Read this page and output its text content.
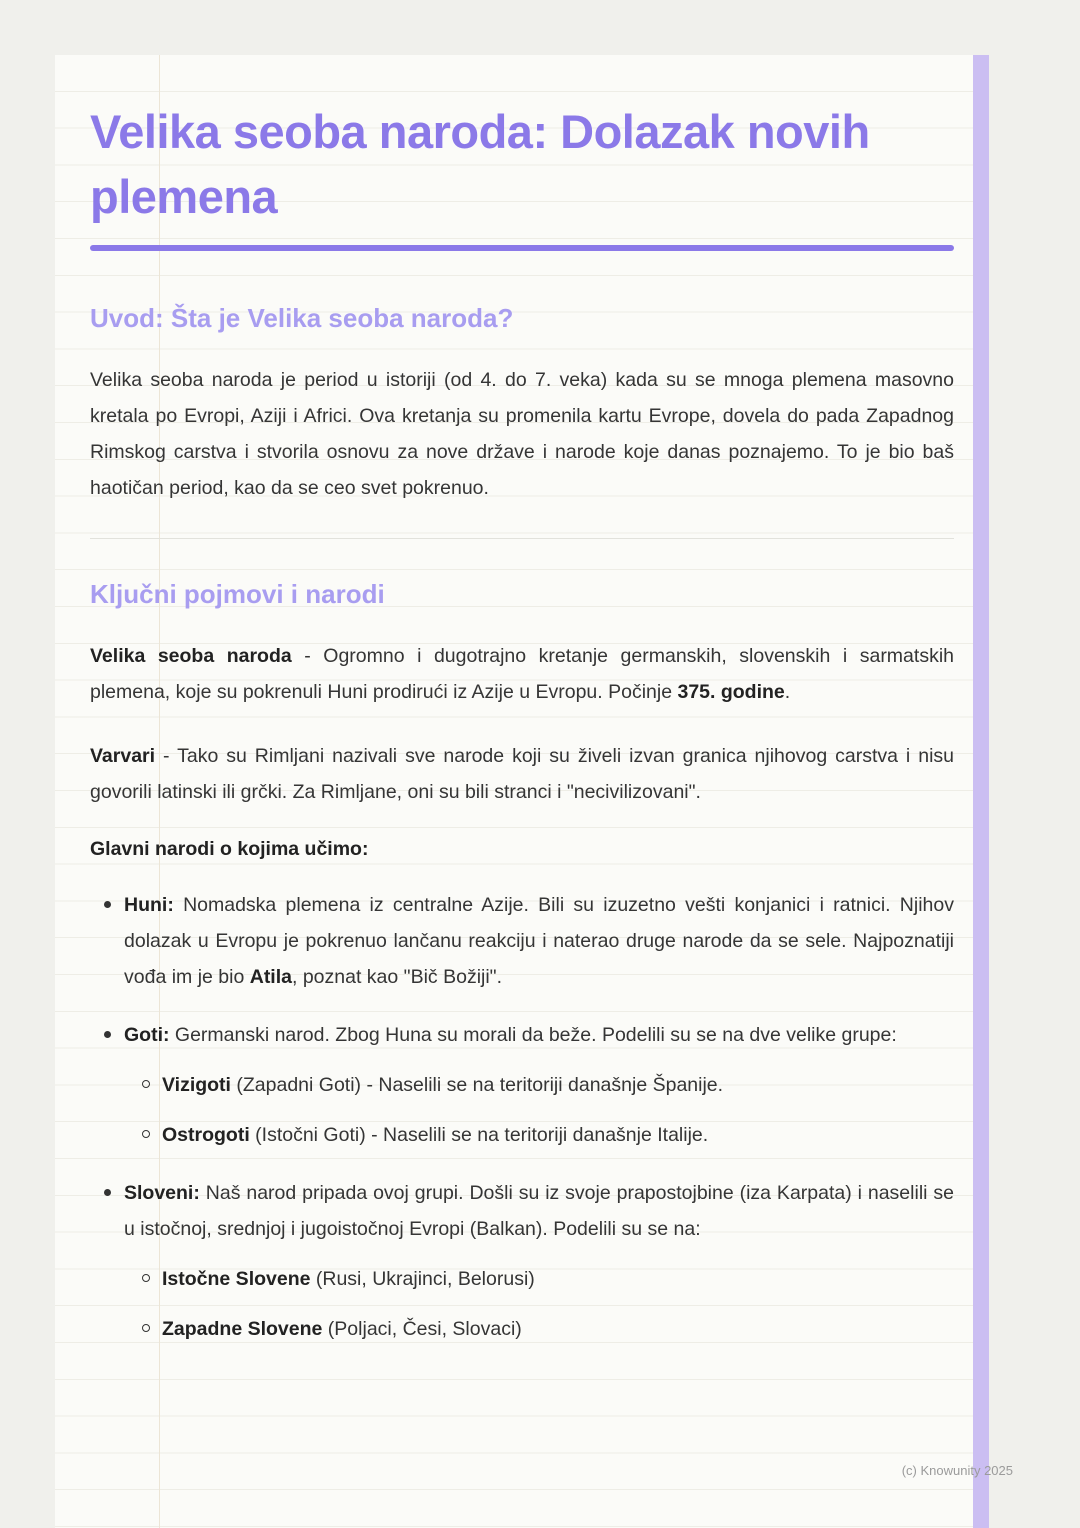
Velika seoba naroda: Dolazak novih plemena
Uvod: Šta je Velika seoba naroda?

Velika seoba naroda je period u istoriji (od 4. do 7. veka) kada su se mnoga plemena masovno kretala po Evropi, Aziji i Africi. Ova kretanja su promenila kartu Evrope, dovela do pada Zapadnog Rimskog carstva i stvorila osnovu za nove države i narode koje danas poznajemo. To je bio baš haotičan period, kao da se ceo svet pokrenuo.

Ključni pojmovi i narodi

Velika seoba naroda - Ogromno i dugotrajno kretanje germanskih, slovenskih i sarmatskih plemena, koje su pokrenuli Huni prodirući iz Azije u Evropu. Počinje 375. godine.

Varvari - Tako su Rimljani nazivali sve narode koji su živeli izvan granica njihovog carstva i nisu govorili latinski ili grčki. Za Rimljane, oni su bili stranci i "necivilizovani".

Glavni narodi o kojima učimo:

Huni: Nomadska plemena iz centralne Azije. Bili su izuzetno vešti konjanici i ratnici. Njihov dolazak u Evropu je pokrenuo lančanu reakciju i naterao druge narode da se sele. Najpoznatiji vođa im je bio Atila, poznat kao "Bič Božiji".
Goti: Germanski narod. Zbog Huna su morali da beže. Podelili su se na dve velike grupe:
Vizigoti (Zapadni Goti) - Naselili se na teritoriji današnje Španije.
Ostrogoti (Istočni Goti) - Naselili se na teritoriji današnje Italije.
Sloveni: Naš narod pripada ovoj grupi. Došli su iz svoje prapostojbine (iza Karpata) i naselili se u istočnoj, srednjoj i jugoistočnoj Evropi (Balkan). Podelili su se na:
Istočne Slovene (Rusi, Ukrajinci, Belorusi)
Zapadne Slovene (Poljaci, Česi, Slovaci)
(c) Knowunity 2025
